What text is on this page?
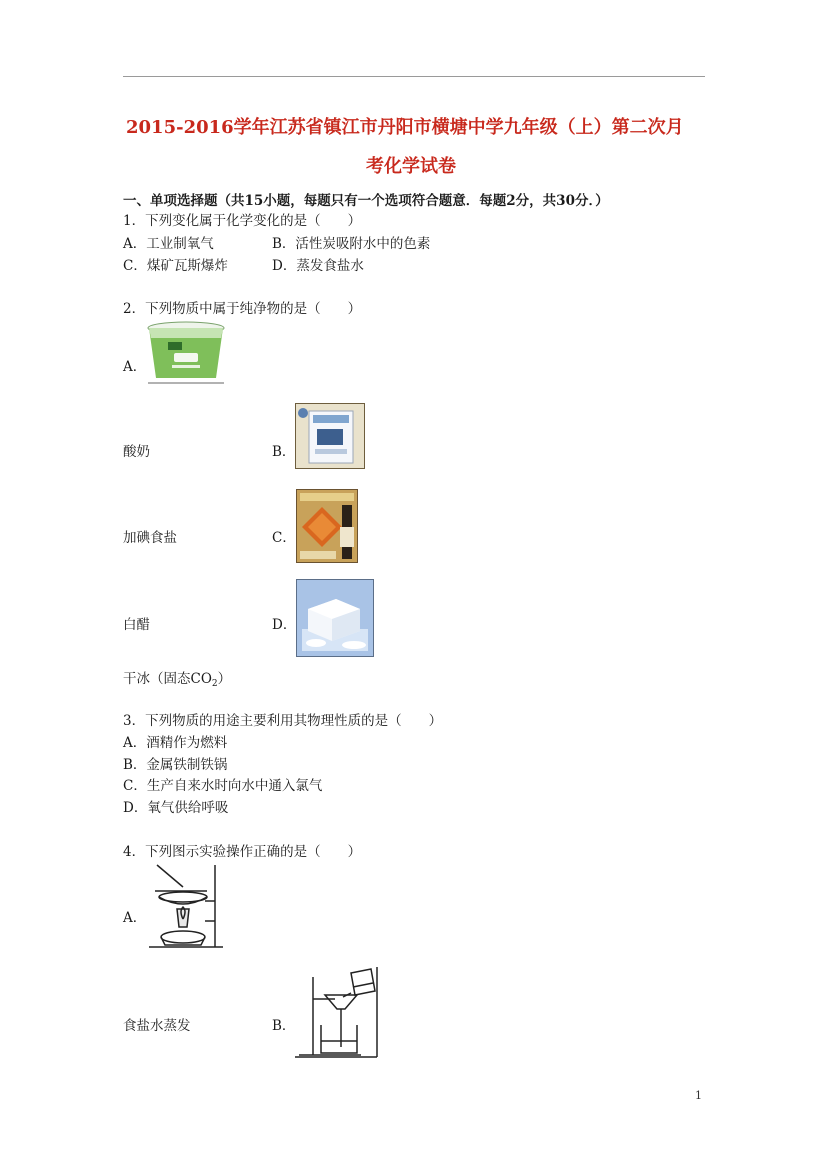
2015-2016学年江苏省镇江市丹阳市横塘中学九年级（上）第二次月
考化学试卷
一、单项选择题（共15小题，每题只有一个选项符合题意．每题2分，共30分．）
1．下列变化属于化学变化的是（　　）
A．工业制氧气	B．活性炭吸附水中的色素
C．煤矿瓦斯爆炸	D．蒸发食盐水
2．下列物质中属于纯净物的是（　　）
A．
酸奶	B．
加碘食盐	C．
白醋	D．
干冰（固态$CO_2$）
3．下列物质的用途主要利用其物理性质的是（　　）
A．酒精作为燃料
B．金属铁制铁锅
C．生产自来水时向水中通入氯气
D．氧气供给呼吸
4．下列图示实验操作正确的是（　　）
A．
食盐水蒸发	B．
1
